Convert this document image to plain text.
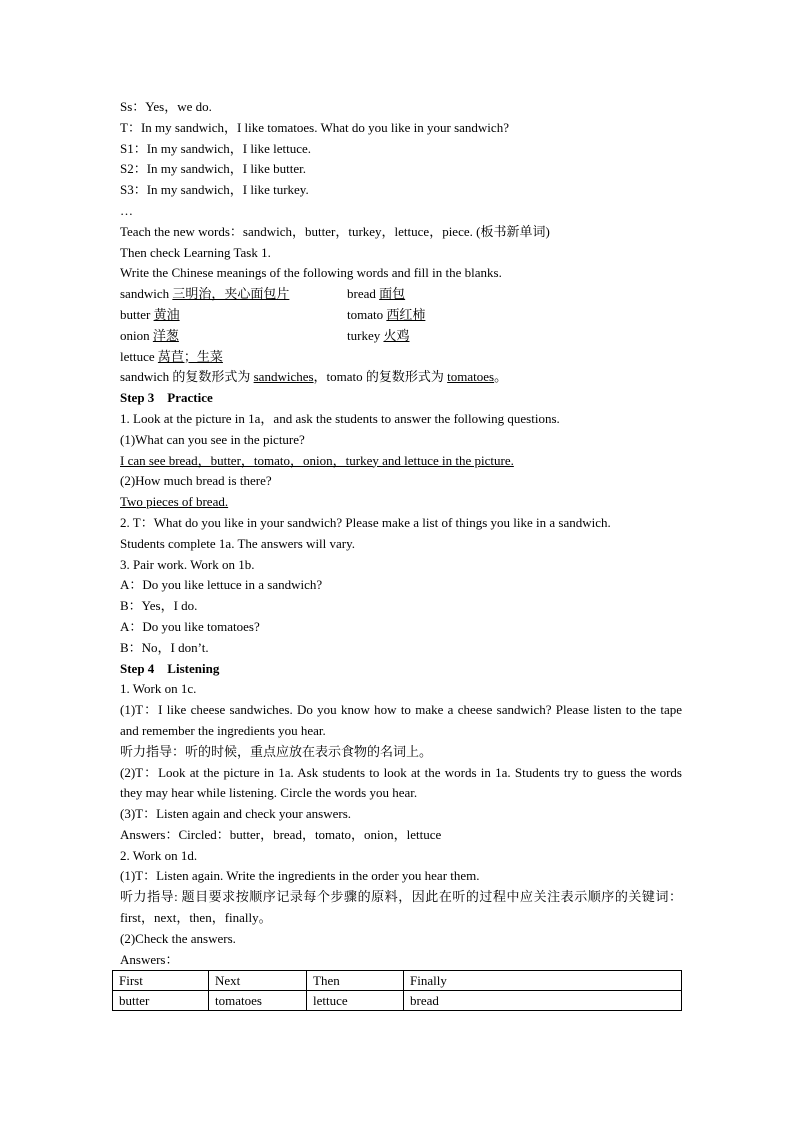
Ss：Yes，we do.
T：In my sandwich，I like tomatoes. What do you like in your sandwich?
S1：In my sandwich，I like lettuce.
S2：In my sandwich，I like butter.
S3：In my sandwich，I like turkey.
…
Teach the new words：sandwich，butter，turkey，lettuce，piece. (板书新单词)
Then check Learning Task 1.
Write the Chinese meanings of the following words and fill in the blanks.
sandwich 三明治，夹心面包片	bread 面包
butter 黄油	tomato 西红柿
onion 洋葱	turkey 火鸡
lettuce 莴苣；生菜
sandwich 的复数形式为 sandwiches，tomato 的复数形式为 tomatoes。
Step 3    Practice
1. Look at the picture in 1a，and ask the students to answer the following questions.
(1)What can you see in the picture?
I can see bread，butter，tomato，onion，turkey and lettuce in the picture.
(2)How much bread is there?
Two pieces of bread.
2. T：What do you like in your sandwich? Please make a list of things you like in a sandwich.
Students complete 1a. The answers will vary.
3. Pair work. Work on 1b.
A：Do you like lettuce in a sandwich?
B：Yes，I do.
A：Do you like tomatoes?
B：No，I don’t.
Step 4    Listening
1. Work on 1c.
(1)T：I like cheese sandwiches. Do you know how to make a cheese sandwich? Please listen to the tape and remember the ingredients you hear.
听力指导：听的时候，重点应放在表示食物的名词上。
(2)T：Look at the picture in 1a. Ask students to look at the words in 1a. Students try to guess the words they may hear while listening. Circle the words you hear.
(3)T：Listen again and check your answers.
Answers：Circled：butter，bread，tomato，onion，lettuce
2. Work on 1d.
(1)T：Listen again. Write the ingredients in the order you hear them.
听力指导: 题目要求按顺序记录每个步骤的原料，因此在听的过程中应关注表示顺序的关键词：first，next，then，finally。
(2)Check the answers.
Answers：
First	Next	Then	Finally
butter	tomatoes	lettuce	bread
